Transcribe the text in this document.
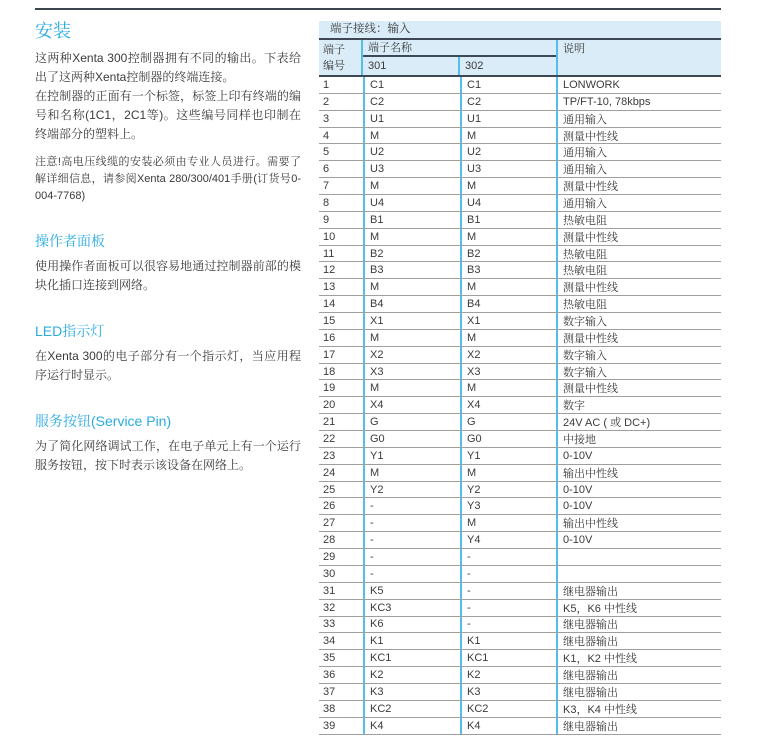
安装

这两种Xenta 300控制器拥有不同的输出。下表给出了这两种Xenta控制器的终端连接。

在控制器的正面有一个标签，标签上印有终端的编号和名称(1C1，2C1等)。这些编号同样也印制在终端部分的塑料上。

注意!高电压线缆的安装必须由专业人员进行。需要了解详细信息，请参阅Xenta 280/300/401手册(订货号0-004-7768)

操作者面板

使用操作者面板可以很容易地通过控制器前部的模块化插口连接到网络。

LED指示灯

在Xenta 300的电子部分有一个指示灯，当应用程序运行时显示。

服务按钮(Service Pin)

为了简化网络调试工作，在电子单元上有一个运行服务按钮，按下时表示该设备在网络上。

端子接线：输入
端子
编号
端子名称
301	302
说明
1	C1	C1	LONWORK
2	C2	C2	TP/FT-10, 78kbps
3	U1	U1	通用输入
4	M	M	测量中性线
5	U2	U2	通用输入
6	U3	U3	通用输入
7	M	M	测量中性线
8	U4	U4	通用输入
9	B1	B1	热敏电阻
10	M	M	测量中性线
11	B2	B2	热敏电阻
12	B3	B3	热敏电阻
13	M	M	测量中性线
14	B4	B4	热敏电阻
15	X1	X1	数字输入
16	M	M	测量中性线
17	X2	X2	数字输入
18	X3	X3	数字输入
19	M	M	测量中性线
20	X4	X4	数字
21	G	G	24V AC ( 或 DC+)
22	G0	G0	中接地
23	Y1	Y1	0-10V
24	M	M	输出中性线
25	Y2	Y2	0-10V
26	-	Y3	0-10V
27	-	M	输出中性线
28	-	Y4	0-10V
29	-	-
30	-	-
31	K5	-	继电器输出
32	KC3	-	K5，K6 中性线
33	K6	-	继电器输出
34	K1	K1	继电器输出
35	KC1	KC1	K1，K2 中性线
36	K2	K2	继电器输出
37	K3	K3	继电器输出
38	KC2	KC2	K3，K4 中性线
39	K4	K4	继电器输出
